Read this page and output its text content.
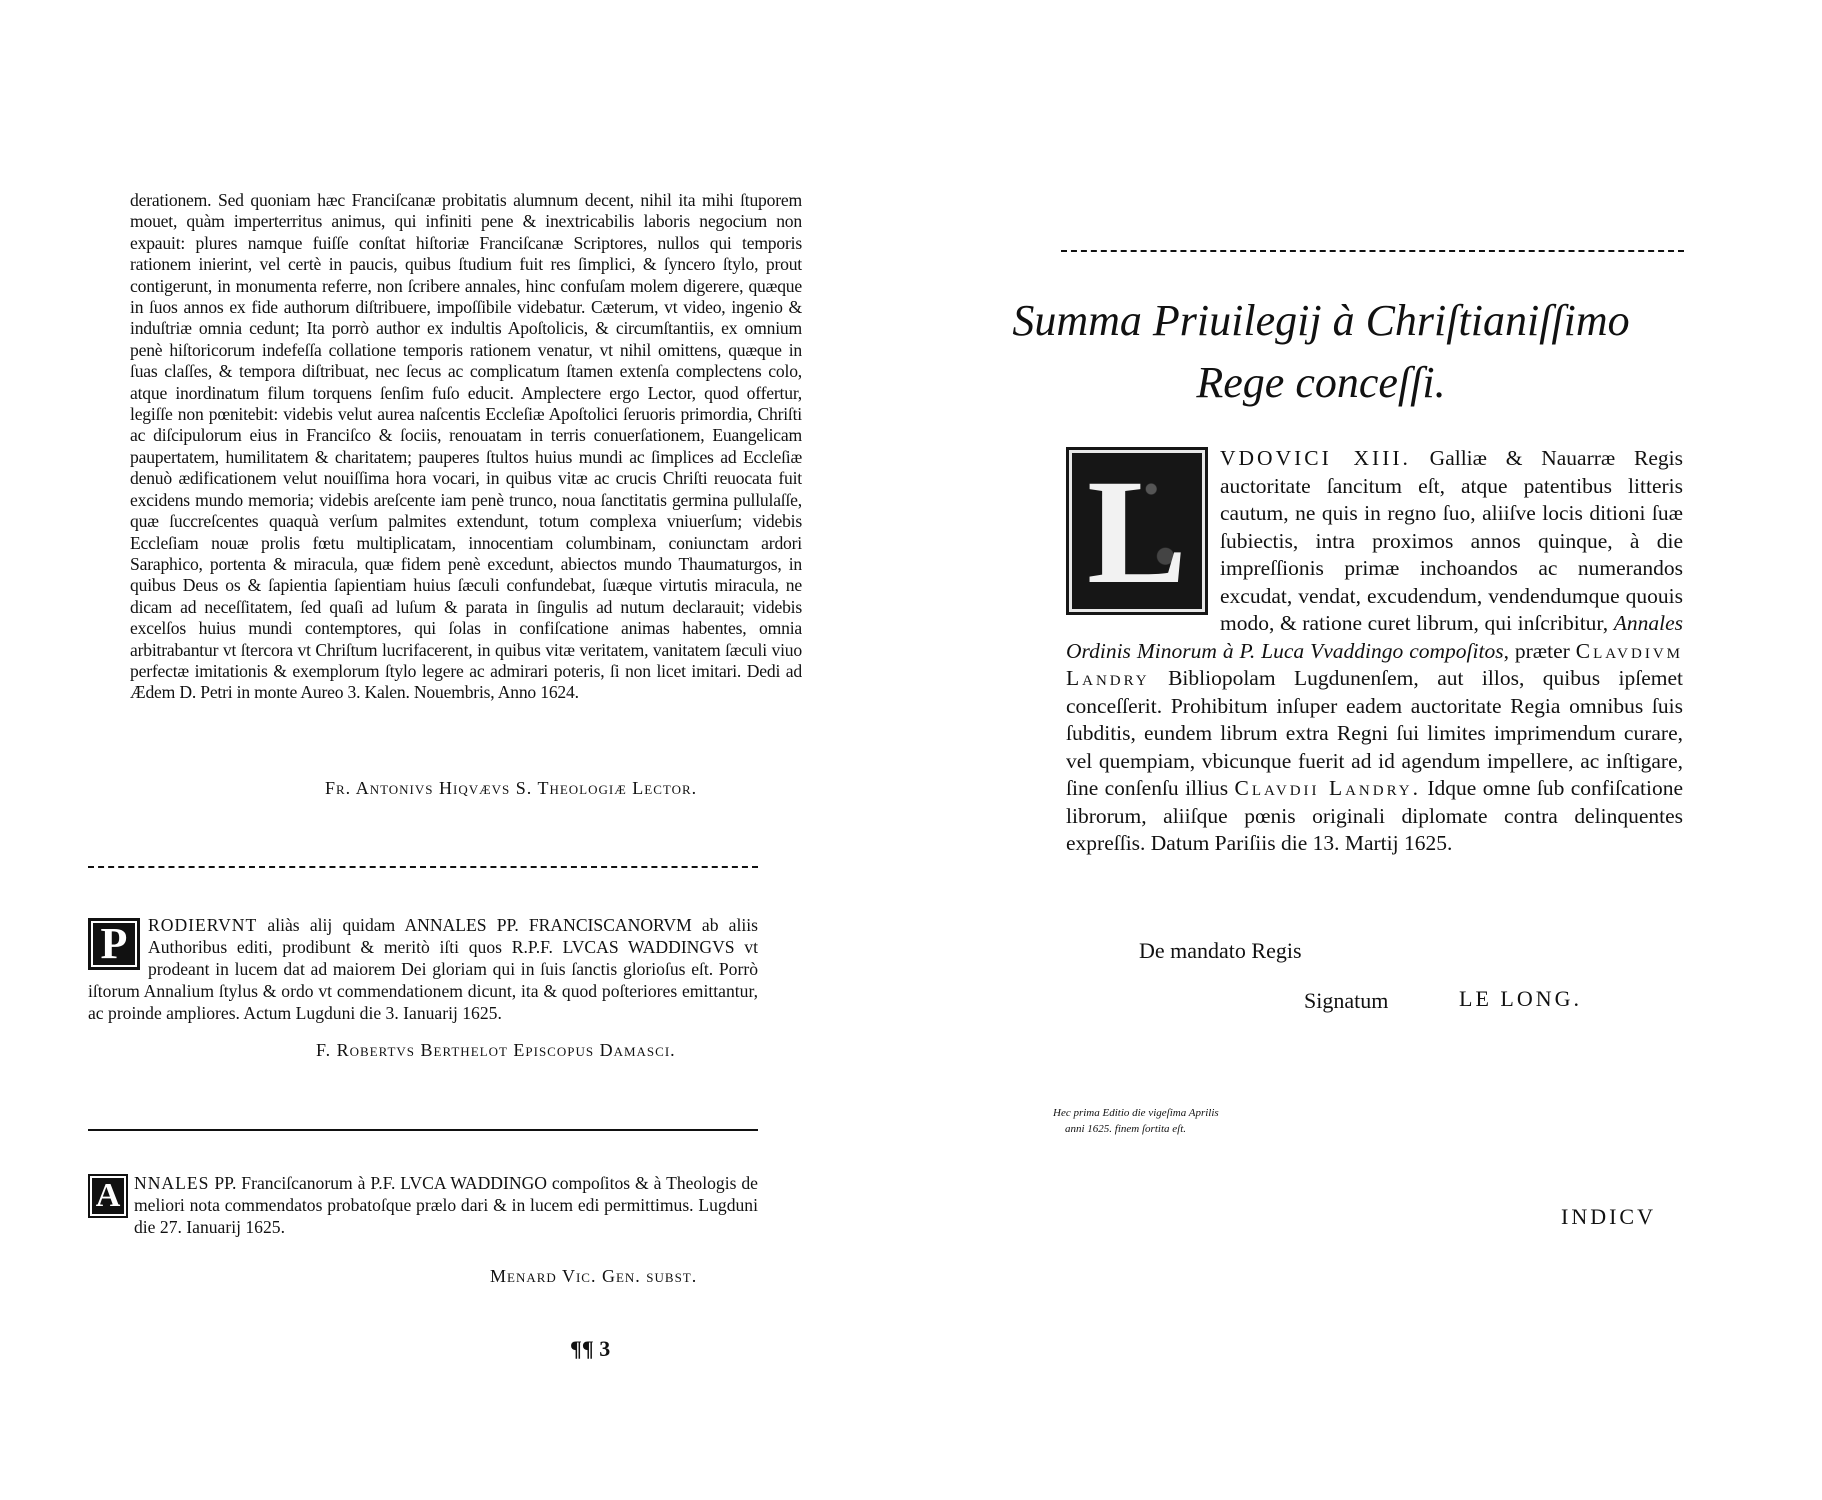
derationem. Sed quoniam hæc Franciſcanæ probitatis alumnum decent, nihil ita mihi ſtuporem mouet, quàm imperterritus animus, qui infiniti pene & inextricabilis laboris negocium non expauit: plures namque fuiſſe conſtat hiſtoriæ Franciſcanæ Scriptores, nullos qui temporis rationem inierint, vel certè in paucis, quibus ſtudium fuit res ſimplici, & ſyncero ſtylo, prout contigerunt, in monumenta referre, non ſcribere annales, hinc confuſam molem digerere, quæque in ſuos annos ex fide authorum diſtribuere, impoſſibile videbatur. Cæterum, vt video, ingenio & induſtriæ omnia cedunt; Ita porrò author ex indultis Apoſtolicis, & circumſtantiis, ex omnium penè hiſtoricorum indefeſſa collatione temporis rationem venatur, vt nihil omittens, quæque in ſuas claſſes, & tempora diſtribuat, nec ſecus ac complicatum ſtamen extenſa complectens colo, atque inordinatum filum torquens ſenſim fuſo educit. Amplectere ergo Lector, quod offertur, legiſſe non pœnitebit: videbis velut aurea naſcentis Eccleſiæ Apoſtolici ſeruoris primordia, Chriſti ac diſcipulorum eius in Franciſco & ſociis, renouatam in terris conuerſationem, Euangelicam paupertatem, humilitatem & charitatem; pauperes ſtultos huius mundi ac ſimplices ad Eccleſiæ denuò ædificationem velut nouiſſima hora vocari, in quibus vitæ ac crucis Chriſti reuocata fuit excidens mundo memoria; videbis areſcente iam penè trunco, noua ſanctitatis germina pullulaſſe, quæ ſuccreſcentes quaquà verſum palmites extendunt, totum complexa vniuerſum; videbis Eccleſiam nouæ prolis fœtu multiplicatam, innocentiam columbinam, coniunctam ardori Saraphico, portenta & miracula, quæ fidem penè excedunt, abiectos mundo Thaumaturgos, in quibus Deus os & ſapientia ſapientiam huius ſæculi confundebat, ſuæque virtutis miracula, ne dicam ad neceſſitatem, ſed quaſi ad luſum & parata in ſingulis ad nutum declarauit; videbis excelſos huius mundi contemptores, qui ſolas in confiſcatione animas habentes, omnia arbitrabantur vt ſtercora vt Chriſtum lucrifacerent, in quibus vitæ veritatem, vanitatem ſæculi viuo perfectæ imitationis & exemplorum ſtylo legere ac admirari poteris, ſi non licet imitari. Dedi ad Ædem D. Petri in monte Aureo 3. Kalen. Nouembris, Anno 1624.
Fr. Antonivs Hiqvævs S. Theologiæ Lector.
P	RODIERVNT aliàs alij quidam ANNALES PP. FRANCISCANORVM ab aliis Authoribus editi, prodibunt & meritò iſti quos R.P.F. LVCAS WADDINGVS vt prodeant in lucem dat ad maiorem Dei gloriam qui in ſuis ſanctis glorioſus eſt. Porrò iſtorum Annalium ſtylus & ordo vt commendationem dicunt, ita & quod poſteriores emittantur, ac proinde ampliores. Actum Lugduni die 3. Ianuarij 1625.
F. Robertvs Berthelot Epiſcopus Damaſci.
A NNALES PP. Franciſcanorum à P.F. LVCA WADDINGO compoſitos & à Theologis de meliori nota commendatos probatoſque prælo dari & in lucem edi permittimus. Lugduni die 27. Ianuarij 1625.
Menard Vic. Gen. ſubſt.
¶¶ 3
Summa Priuilegij à Chriſtianiſſimo
Rege conceſſi.
L	VDOVICI XIII. Galliæ & Nauarræ Regis auctoritate ſancitum eſt, atque patentibus litteris cautum, ne quis in regno ſuo, aliiſve locis ditioni ſuæ ſubiectis, intra proximos annos quinque, à die impreſſionis primæ inchoandos ac numerandos excudat, vendat, excudendum, vendendumque quouis modo, & ratione curet librum, qui inſcribitur, Annales Ordinis Minorum à P. Luca Vvaddingo compoſitos, præter Clavdivm Landry Bibliopolam Lugdunenſem, aut illos, quibus ipſemet conceſſerit. Prohibitum inſuper eadem auctoritate Regia omnibus ſuis ſubditis, eundem librum extra Regni ſui limites imprimendum curare, vel quempiam, vbicunque fuerit ad id agendum impellere, ac inſtigare, ſine conſenſu illius Clavdii Landry. Idque omne ſub confiſcatione librorum, aliiſque pœnis originali diplomate contra delinquentes expreſſis. Datum Pariſiis die 13. Martij 1625.
De mandato Regis
Signatum	LE LONG.
Hec prima Editio die vigeſima Aprilis
anni 1625. finem ſortita eſt.
INDICV
